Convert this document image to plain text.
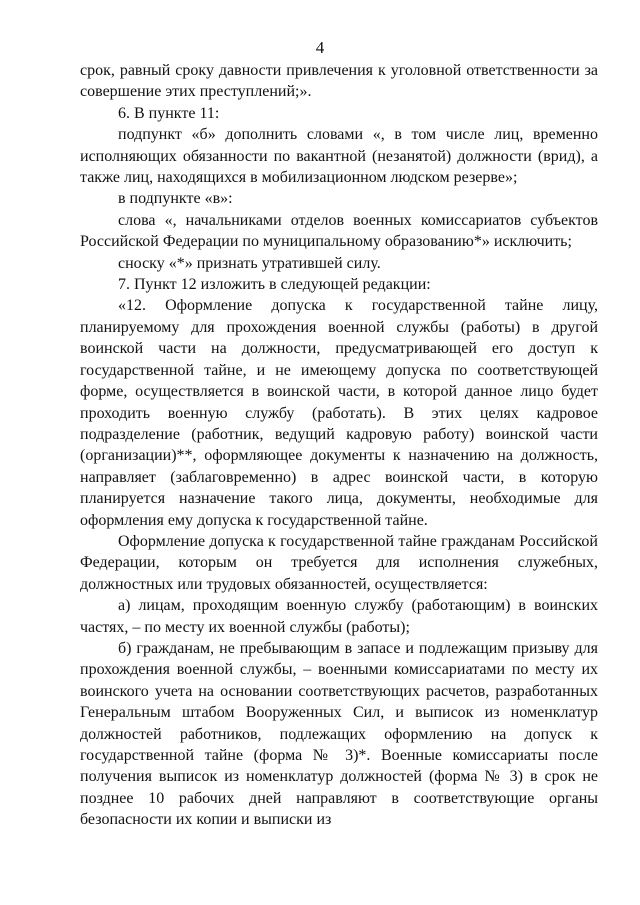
4

срок, равный сроку давности привлечения к уголовной ответственности за совершение этих преступлений;».

6. В пункте 11:

подпункт «б» дополнить словами «, в том числе лиц, временно исполняющих обязанности по вакантной (незанятой) должности (врид), а также лиц, находящихся в мобилизационном людском резерве»;

в подпункте «в»:

слова «, начальниками отделов военных комиссариатов субъектов Российской Федерации по муниципальному образованию*» исключить;

сноску «*» признать утратившей силу.

7. Пункт 12 изложить в следующей редакции:

«12. Оформление допуска к государственной тайне лицу, планируемому для прохождения военной службы (работы) в другой воинской части на должности, предусматривающей его доступ к государственной тайне, и не имеющему допуска по соответствующей форме, осуществляется в воинской части, в которой данное лицо будет проходить военную службу (работать). В этих целях кадровое подразделение (работник, ведущий кадровую работу) воинской части (организации)**, оформляющее документы к назначению на должность, направляет (заблаговременно) в адрес воинской части, в которую планируется назначение такого лица, документы, необходимые для оформления ему допуска к государственной тайне.

Оформление допуска к государственной тайне гражданам Российской Федерации, которым он требуется для исполнения служебных, должностных или трудовых обязанностей, осуществляется:

а) лицам, проходящим военную службу (работающим) в воинских частях, – по месту их военной службы (работы);

б) гражданам, не пребывающим в запасе и подлежащим призыву для прохождения военной службы, – военными комиссариатами по месту их воинского учета на основании соответствующих расчетов, разработанных Генеральным штабом Вооруженных Сил, и выписок из номенклатур должностей работников, подлежащих оформлению на допуск к государственной тайне (форма № 3)*. Военные комиссариаты после получения выписок из номенклатур должностей (форма № 3) в срок не позднее 10 рабочих дней направляют в соответствующие органы безопасности их копии и выписки из
